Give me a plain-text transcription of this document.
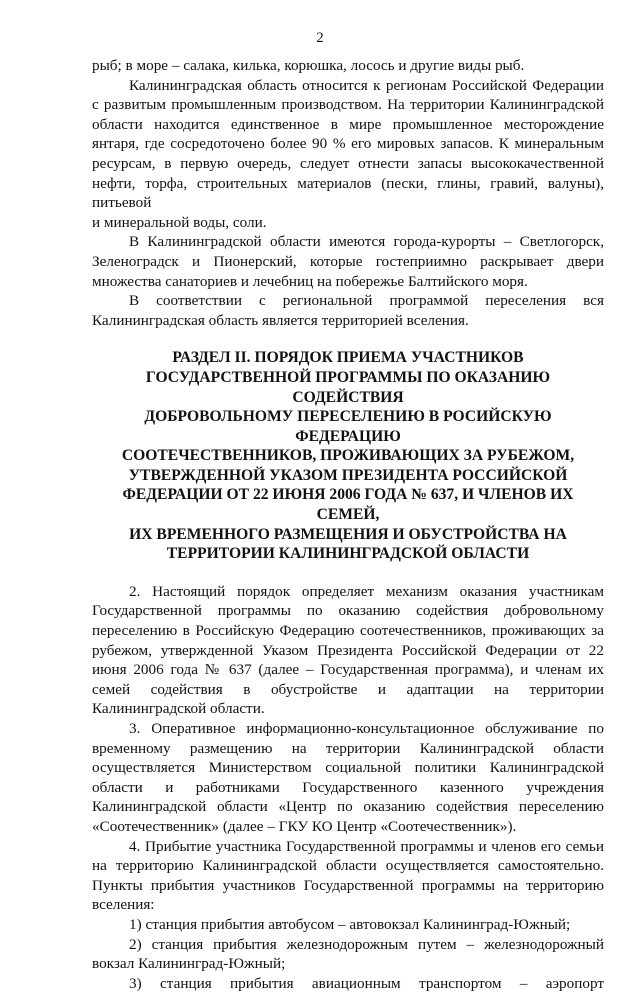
2

рыб; в море – салака, килька, корюшка, лосось и другие виды рыб.

Калининградская область относится к регионам Российской Федерации с развитым промышленным производством. На территории Калининградской области находится единственное в мире промышленное месторождение янтаря, где сосредоточено более 90 % его мировых запасов. К минеральным ресурсам, в первую очередь, следует отнести запасы высококачественной нефти, торфа, строительных материалов (пески, глины, гравий, валуны), питьевой

и минеральной воды, соли.

В Калининградской области имеются города-курорты – Светлогорск, Зеленоградск и Пионерский, которые гостеприимно раскрывает двери множества санаториев и лечебниц на побережье Балтийского моря.

В соответствии с региональной программой переселения вся Калининградская область является территорией вселения.

РАЗДЕЛ II. ПОРЯДОК ПРИЕМА УЧАСТНИКОВ

ГОСУДАРСТВЕННОЙ ПРОГРАММЫ ПО ОКАЗАНИЮ СОДЕЙСТВИЯ

ДОБРОВОЛЬНОМУ ПЕРЕСЕЛЕНИЮ В РОСИЙСКУЮ ФЕДЕРАЦИЮ

СООТЕЧЕСТВЕННИКОВ, ПРОЖИВАЮЩИХ ЗА РУБЕЖОМ,

УТВЕРЖДЕННОЙ УКАЗОМ ПРЕЗИДЕНТА РОССИЙСКОЙ

ФЕДЕРАЦИИ ОТ 22 ИЮНЯ 2006 ГОДА № 637, И ЧЛЕНОВ ИХ СЕМЕЙ,

ИХ ВРЕМЕННОГО РАЗМЕЩЕНИЯ И ОБУСТРОЙСТВА НА

ТЕРРИТОРИИ КАЛИНИНГРАДСКОЙ ОБЛАСТИ

2. Настоящий порядок определяет механизм оказания участникам Государственной программы по оказанию содействия добровольному переселению в Российскую Федерацию соотечественников, проживающих за рубежом, утвержденной Указом Президента Российской Федерации от 22 июня 2006 года № 637 (далее – Государственная программа), и членам их семей содействия в обустройстве и адаптации на территории Калининградской области.

3. Оперативное информационно-консультационное обслуживание по временному размещению на территории Калининградской области осуществляется Министерством социальной политики Калининградской области и работниками Государственного казенного учреждения Калининградской области «Центр по оказанию содействия переселению «Соотечественник» (далее – ГКУ КО Центр «Соотечественник»).

4. Прибытие участника Государственной программы и членов его семьи на территорию Калининградской области осуществляется самостоятельно. Пункты прибытия участников Государственной программы на территорию вселения:

1) станция прибытия автобусом – автовокзал Калининград-Южный;

2) станция прибытия железнодорожным путем – железнодорожный вокзал Калининград-Южный;

3) станция прибытия авиационным транспортом – аэропорт
